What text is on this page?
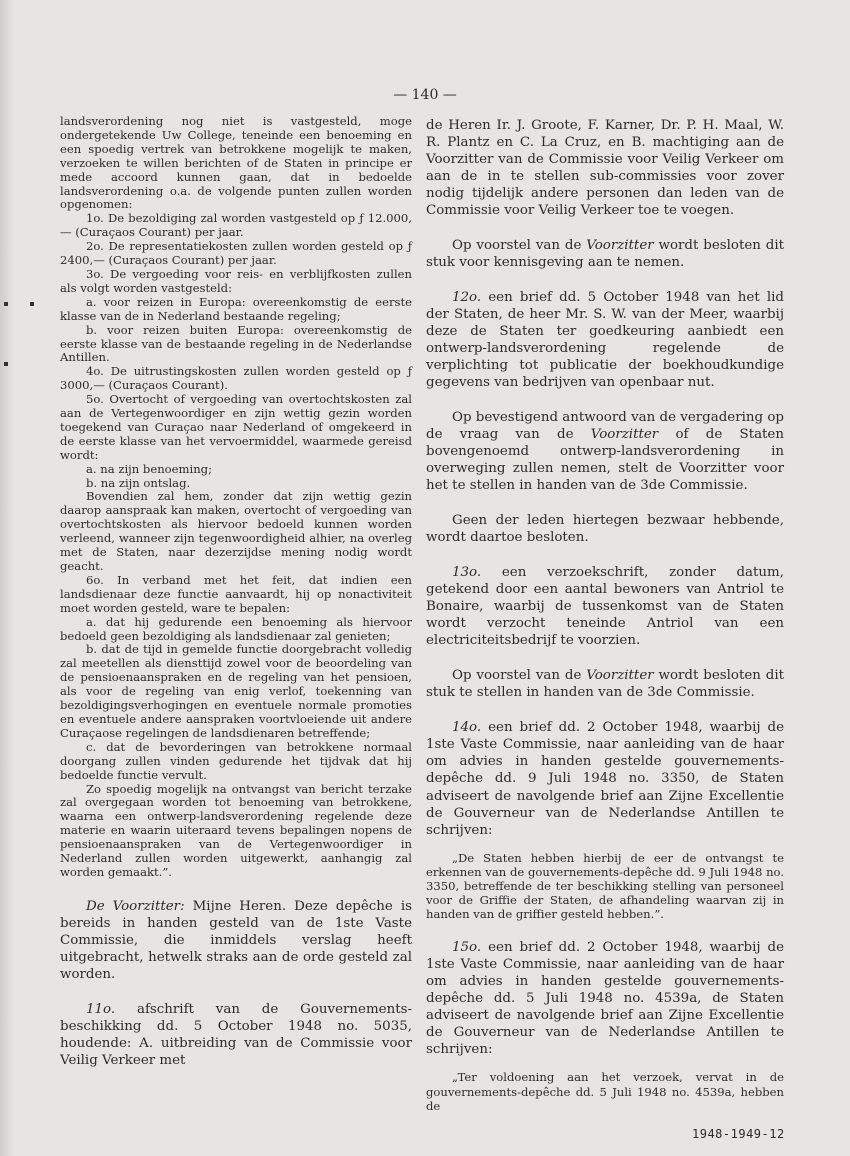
— 140 —

landsverordening nog niet is vastgesteld, moge ondergetekende Uw College, teneinde een benoeming en een spoedig vertrek van betrokkene mogelijk te maken, verzoeken te willen berichten of de Staten in principe er mede accoord kunnen gaan, dat in bedoelde landsverordening o.a. de volgende punten zullen worden opgenomen:

1o. De bezoldiging zal worden vastgesteld op ƒ 12.000,— (Curaçaos Courant) per jaar.

2o. De representatiekosten zullen worden gesteld op ƒ 2400,— (Curaçaos Courant) per jaar.

3o. De vergoeding voor reis- en verblijfkosten zullen als volgt worden vastgesteld:

a. voor reizen in Europa: overeenkomstig de eerste klasse van de in Nederland bestaande regeling;

b. voor reizen buiten Europa: overeenkomstig de eerste klasse van de bestaande regeling in de Nederlandse Antillen.

4o. De uitrustingskosten zullen worden gesteld op ƒ 3000,— (Curaçaos Courant).

5o. Overtocht of vergoeding van overtochtskosten zal aan de Vertegenwoordiger en zijn wettig gezin worden toegekend van Curaçao naar Nederland of omgekeerd in de eerste klasse van het vervoermiddel, waarmede gereisd wordt:

a. na zijn benoeming;

b. na zijn ontslag.

Bovendien zal hem, zonder dat zijn wettig gezin daarop aanspraak kan maken, overtocht of vergoeding van overtochtskosten als hiervoor bedoeld kunnen worden verleend, wanneer zijn tegenwoordigheid alhier, na overleg met de Staten, naar dezerzijdse mening nodig wordt geacht.

6o. In verband met het feit, dat indien een landsdienaar deze functie aanvaardt, hij op nonactiviteit moet worden gesteld, ware te bepalen:

a. dat hij gedurende een benoeming als hiervoor bedoeld geen bezoldiging als landsdienaar zal genieten;

b. dat de tijd in gemelde functie doorgebracht volledig zal meetellen als diensttijd zowel voor de beoordeling van de pensioenaanspraken en de regeling van het pensioen, als voor de regeling van enig verlof, toekenning van bezoldigingsverhogingen en eventuele normale promoties en eventuele andere aanspraken voortvloeiende uit andere Curaçaose regelingen de landsdienaren betreffende;

c. dat de bevorderingen van betrokkene normaal doorgang zullen vinden gedurende het tijdvak dat hij bedoelde functie vervult.

Zo spoedig mogelijk na ontvangst van bericht terzake zal overgegaan worden tot benoeming van betrokkene, waarna een ontwerp-landsverordening regelende deze materie en waarin uiteraard tevens bepalingen nopens de pensioenaanspraken van de Vertegenwoordiger in Nederland zullen worden uitgewerkt, aanhangig zal worden gemaakt.”.

De Voorzitter: Mijne Heren. Deze depêche is bereids in handen gesteld van de 1ste Vaste Commissie, die inmiddels verslag heeft uitgebracht, hetwelk straks aan de orde gesteld zal worden.

11o. afschrift van de Gouvernements-beschikking dd. 5 October 1948 no. 5035, houdende: A. uitbreiding van de Commissie voor Veilig Verkeer met

de Heren Ir. J. Groote, F. Karner, Dr. P. H. Maal, W. R. Plantz en C. La Cruz, en B. machtiging aan de Voorzitter van de Commissie voor Veilig Verkeer om aan de in te stellen sub-commissies voor zover nodig tijdelijk andere personen dan leden van de Commissie voor Veilig Verkeer toe te voegen.

Op voorstel van de Voorzitter wordt besloten dit stuk voor kennisgeving aan te nemen.

12o. een brief dd. 5 October 1948 van het lid der Staten, de heer Mr. S. W. van der Meer, waarbij deze de Staten ter goedkeuring aanbiedt een ontwerp-landsverordening regelende de verplichting tot publicatie der boekhoudkundige gegevens van bedrijven van openbaar nut.

Op bevestigend antwoord van de vergadering op de vraag van de Voorzitter of de Staten bovengenoemd ontwerp-landsverordening in overweging zullen nemen, stelt de Voorzitter voor het te stellen in handen van de 3de Commissie.

Geen der leden hiertegen bezwaar hebbende, wordt daartoe besloten.

13o. een verzoekschrift, zonder datum, getekend door een aantal bewoners van Antriol te Bonaire, waarbij de tussenkomst van de Staten wordt verzocht teneinde Antriol van een electriciteitsbedrijf te voorzien.

Op voorstel van de Voorzitter wordt besloten dit stuk te stellen in handen van de 3de Commissie.

14o. een brief dd. 2 October 1948, waarbij de 1ste Vaste Commissie, naar aanleiding van de haar om advies in handen gestelde gouvernements-depêche dd. 9 Juli 1948 no. 3350, de Staten adviseert de navolgende brief aan Zijne Excellentie de Gouverneur van de Nederlandse Antillen te schrijven:

„De Staten hebben hierbij de eer de ontvangst te erkennen van de gouvernements-depêche dd. 9 Juli 1948 no. 3350, betreffende de ter beschikking stelling van personeel voor de Griffie der Staten, de afhandeling waarvan zij in handen van de griffier gesteld hebben.”.

15o. een brief dd. 2 October 1948, waarbij de 1ste Vaste Commissie, naar aanleiding van de haar om advies in handen gestelde gouvernements-depêche dd. 5 Juli 1948 no. 4539a, de Staten adviseert de navolgende brief aan Zijne Excellentie de Gouverneur van de Nederlandse Antillen te schrijven:

„Ter voldoening aan het verzoek, vervat in de gouvernements-depêche dd. 5 Juli 1948 no. 4539a, hebben de

1948-1949-12
